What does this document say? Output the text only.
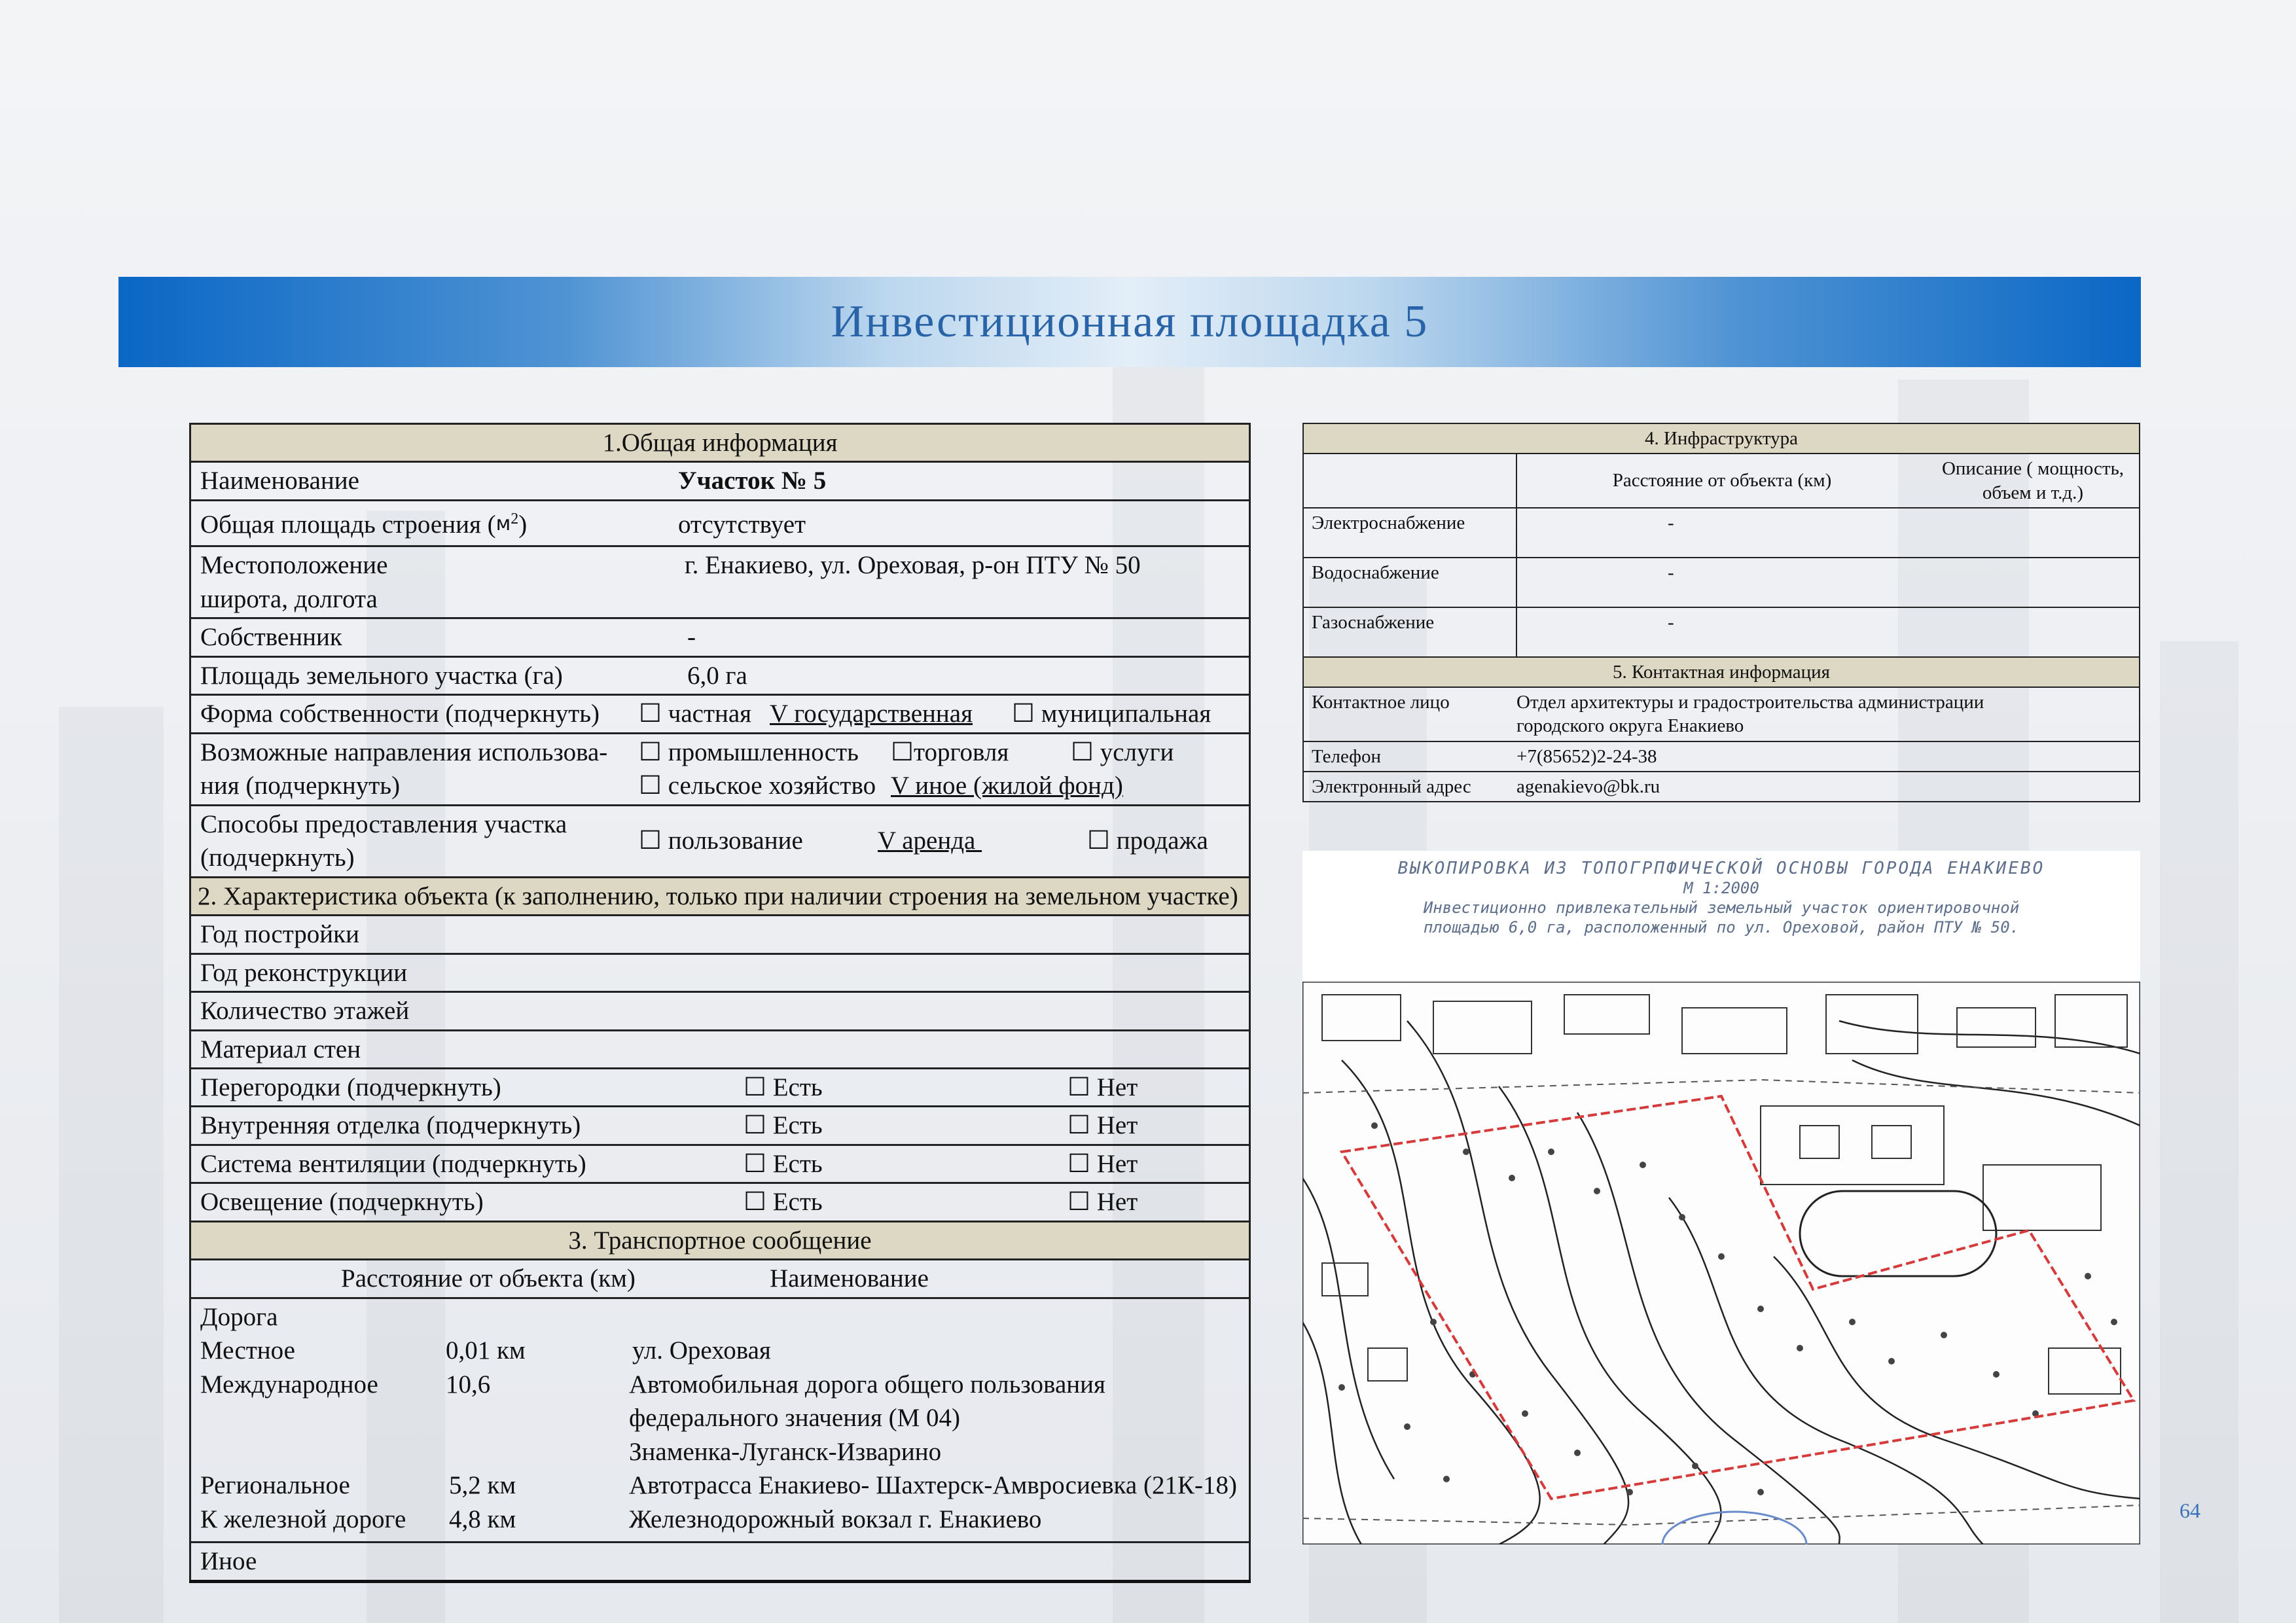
Инвестиционная площадка 5
1.Общая информация

Наименование	Участок № 5

Общая площадь строения $(м^2)$	отсутствует

Местоположение
широта, долгота
г. Енакиево, ул. Ореховая, р-он ПТУ № 50

Собственник	-

Площадь земельного участка (га)	6,0 га

Форма собственности (подчеркнуть)	☐ частная V государственная	☐ муниципальная

Возможные направления использова-
ния (подчеркнуть)
☐ промышленность ☐торговля ☐ услуги
☐ сельское хозяйство V иное (жилой фонд)

Способы предоставления участка
(подчеркнуть)
☐ пользование	V аренда	☐ продажа

2. Характеристика объекта (к заполнению, только при наличии строения на земельном участке)
Год постройки
Год реконструкции
Количество этажей
Материал стен

Перегородки (подчеркнуть)	☐ Есть	☐ Нет

Внутренняя отделка (подчеркнуть)	☐ Есть	☐ Нет

Система вентиляции (подчеркнуть)	☐ Есть	☐ Нет

Освещение (подчеркнуть)	☐ Есть	☐ Нет

3. Транспортное сообщение

Расстояние от объекта (км)	Наименование

Дорога
Местное	0,01 км	ул. Ореховая
Международное	10,6	Автомобильная дорога общего пользования
федерального значения (М 04)
Знаменка-Луганск-Изварино
Региональное	5,2 км	Автотрасса Енакиево- Шахтерск-Амвросиевка (21К-18)
К железной дороге	4,8 км	Железнодорожный вокзал г. Енакиево

Иное
4. Инфраструктура		
	Расстояние от объекта (км)	Описание ( мощность,
объем и т.д.)
Электроснабжение	-	
Водоснабжение	-	
Газоснабжение	-	
5. Контактная информация		
Контактное лицо	Отдел архитектуры и градостроительства администрации
городского округа Енакиево	
Телефон	+7(85652)2-24-38	
Электронный адрес	agenakievo@bk.ru	
ВЫКОПИРОВКА ИЗ ТОПОГРПФИЧЕСКОЙ ОСНОВЫ ГОРОДА ЕНАКИЕВО
М 1:2000
Инвестиционно привлекательный земельный участок ориентировочной
площадью 6,0 га, расположенный по ул. Ореховой, район ПТУ № 50.
64
